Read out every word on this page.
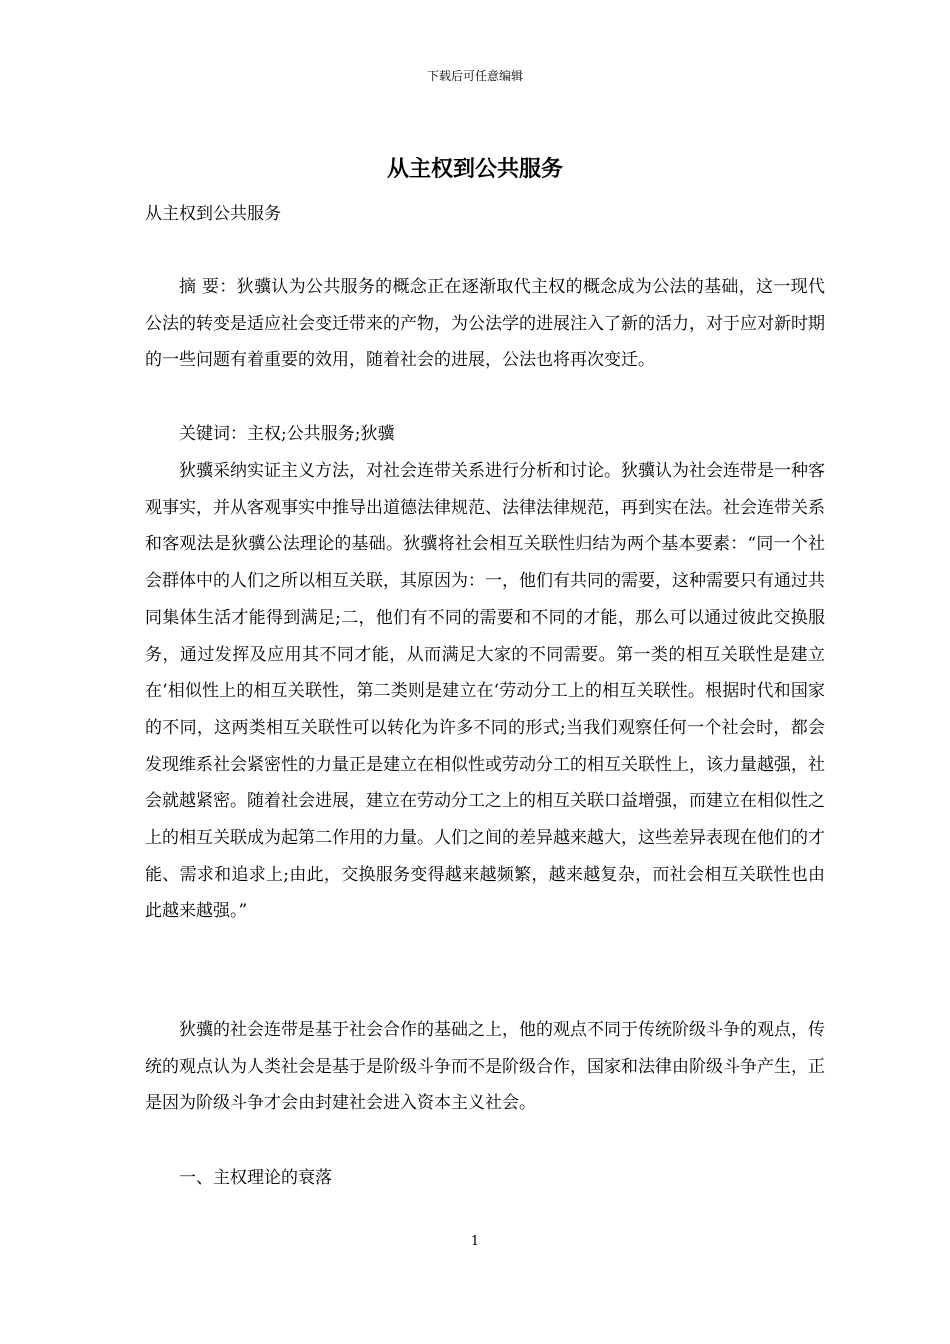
下载后可任意编辑
从主权到公共服务

从主权到公共服务

摘 要：狄骥认为公共服务的概念正在逐渐取代主权的概念成为公法的基础，这一现代公法的转变是适应社会变迁带来的产物，为公法学的进展注入了新的活力，对于应对新时期的一些问题有着重要的效用，随着社会的进展，公法也将再次变迁。

关键词：主权;公共服务;狄骥

狄骥采纳实证主义方法，对社会连带关系进行分析和讨论。狄骥认为社会连带是一种客观事实，并从客观事实中推导出道德法律规范、法律法律规范，再到实在法。社会连带关系和客观法是狄骥公法理论的基础。狄骥将社会相互关联性归结为两个基本要素：“同一个社会群体中的人们之所以相互关联，其原因为：一，他们有共同的需要，这种需要只有通过共同集体生活才能得到满足;二，他们有不同的需要和不同的才能，那么可以通过彼此交换服务，通过发挥及应用其不同才能，从而满足大家的不同需要。第一类的相互关联性是建立在‘相似性上的相互关联性，第二类则是建立在‘劳动分工上的相互关联性。根据时代和国家的不同，这两类相互关联性可以转化为许多不同的形式;当我们观察任何一个社会时，都会发现维系社会紧密性的力量正是建立在相似性或劳动分工的相互关联性上，该力量越强，社会就越紧密。随着社会进展，建立在劳动分工之上的相互关联口益增强，而建立在相似性之上的相互关联成为起第二作用的力量。人们之间的差异越来越大，这些差异表现在他们的才能、需求和追求上;由此，交换服务变得越来越频繁，越来越复杂，而社会相互关联性也由此越来越强。”

狄骥的社会连带是基于社会合作的基础之上，他的观点不同于传统阶级斗争的观点，传统的观点认为人类社会是基于是阶级斗争而不是阶级合作，国家和法律由阶级斗争产生，正是因为阶级斗争才会由封建社会进入资本主义社会。

一、主权理论的衰落

1
